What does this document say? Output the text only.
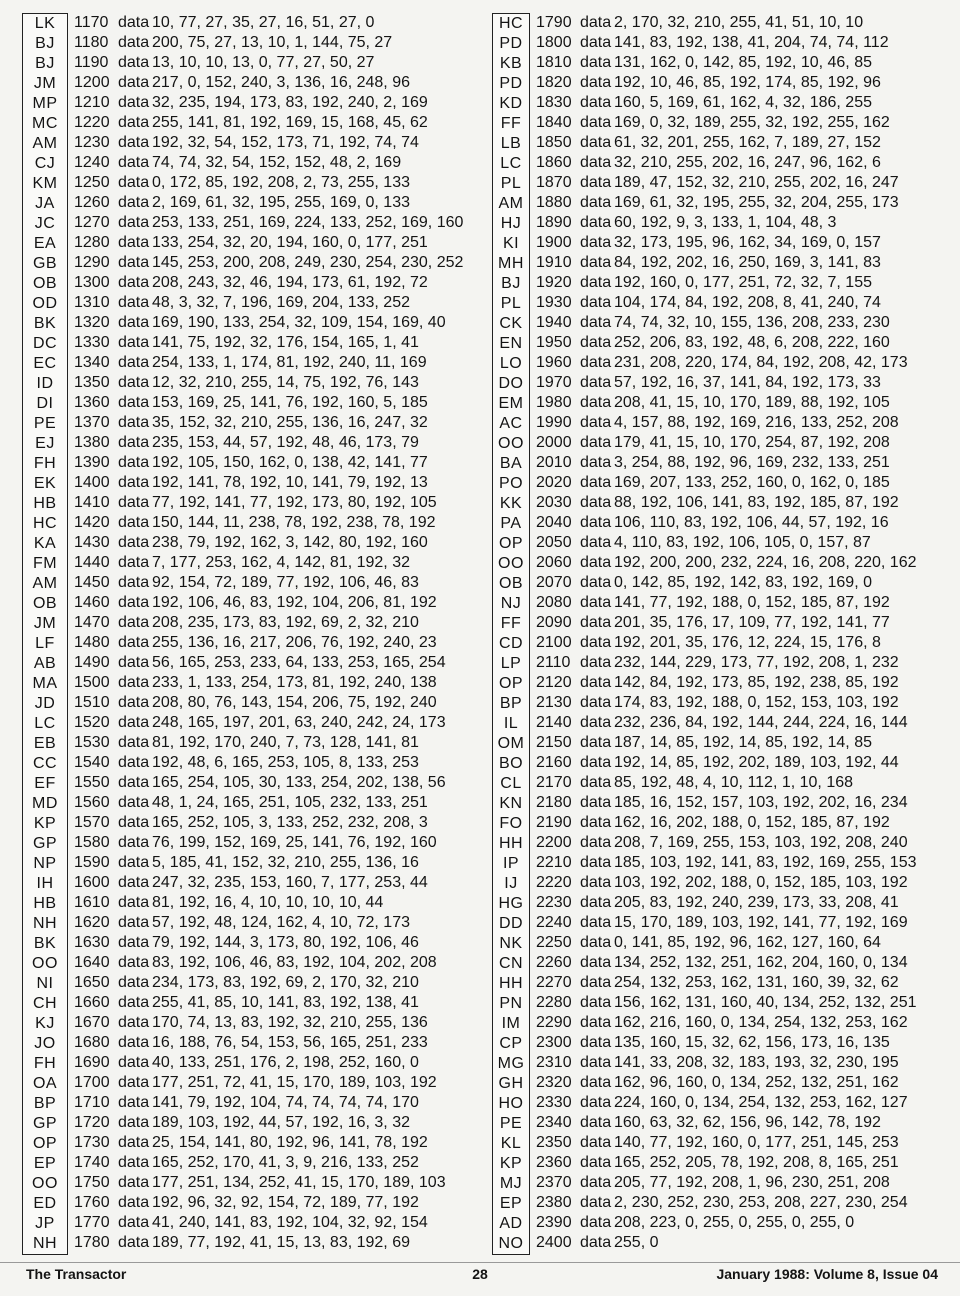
LK
BJ
BJ
JM
MP
MC
AM
CJ
KM
JA
JC
EA
GB
OB
OD
BK
DC
EC
ID
DI
PE
EJ
FH
EK
HB
HC
KA
FM
AM
OB
JM
LF
AB
MA
JD
LC
EB
CC
EF
MD
KP
GP
NP
IH
HB
NH
BK
OO
NI
CH
KJ
JO
FH
OA
BP
GP
OP
EP
OO
ED
JP
NH
1170 data 10, 77, 27, 35, 27, 16, 51, 27, 0
1180 data 200, 75, 27, 13, 10, 1, 144, 75, 27
1190 data 13, 10, 10, 13, 0, 77, 27, 50, 27
1200 data 217, 0, 152, 240, 3, 136, 16, 248, 96
1210 data 32, 235, 194, 173, 83, 192, 240, 2, 169
1220 data 255, 141, 81, 192, 169, 15, 168, 45, 62
1230 data 192, 32, 54, 152, 173, 71, 192, 74, 74
1240 data 74, 74, 32, 54, 152, 152, 48, 2, 169
1250 data 0, 172, 85, 192, 208, 2, 73, 255, 133
1260 data 2, 169, 61, 32, 195, 255, 169, 0, 133
1270 data 253, 133, 251, 169, 224, 133, 252, 169, 160
1280 data 133, 254, 32, 20, 194, 160, 0, 177, 251
1290 data 145, 253, 200, 208, 249, 230, 254, 230, 252
1300 data 208, 243, 32, 46, 194, 173, 61, 192, 72
1310 data 48, 3, 32, 7, 196, 169, 204, 133, 252
1320 data 169, 190, 133, 254, 32, 109, 154, 169, 40
1330 data 141, 75, 192, 32, 176, 154, 165, 1, 41
1340 data 254, 133, 1, 174, 81, 192, 240, 11, 169
1350 data 12, 32, 210, 255, 14, 75, 192, 76, 143
1360 data 153, 169, 25, 141, 76, 192, 160, 5, 185
1370 data 35, 152, 32, 210, 255, 136, 16, 247, 32
1380 data 235, 153, 44, 57, 192, 48, 46, 173, 79
1390 data 192, 105, 150, 162, 0, 138, 42, 141, 77
1400 data 192, 141, 78, 192, 10, 141, 79, 192, 13
1410 data 77, 192, 141, 77, 192, 173, 80, 192, 105
1420 data 150, 144, 11, 238, 78, 192, 238, 78, 192
1430 data 238, 79, 192, 162, 3, 142, 80, 192, 160
1440 data 7, 177, 253, 162, 4, 142, 81, 192, 32
1450 data 92, 154, 72, 189, 77, 192, 106, 46, 83
1460 data 192, 106, 46, 83, 192, 104, 206, 81, 192
1470 data 208, 235, 173, 83, 192, 69, 2, 32, 210
1480 data 255, 136, 16, 217, 206, 76, 192, 240, 23
1490 data 56, 165, 253, 233, 64, 133, 253, 165, 254
1500 data 233, 1, 133, 254, 173, 81, 192, 240, 138
1510 data 208, 80, 76, 143, 154, 206, 75, 192, 240
1520 data 248, 165, 197, 201, 63, 240, 242, 24, 173
1530 data 81, 192, 170, 240, 7, 73, 128, 141, 81
1540 data 192, 48, 6, 165, 253, 105, 8, 133, 253
1550 data 165, 254, 105, 30, 133, 254, 202, 138, 56
1560 data 48, 1, 24, 165, 251, 105, 232, 133, 251
1570 data 165, 252, 105, 3, 133, 252, 232, 208, 3
1580 data 76, 199, 152, 169, 25, 141, 76, 192, 160
1590 data 5, 185, 41, 152, 32, 210, 255, 136, 16
1600 data 247, 32, 235, 153, 160, 7, 177, 253, 44
1610 data 81, 192, 16, 4, 10, 10, 10, 10, 44
1620 data 57, 192, 48, 124, 162, 4, 10, 72, 173
1630 data 79, 192, 144, 3, 173, 80, 192, 106, 46
1640 data 83, 192, 106, 46, 83, 192, 104, 202, 208
1650 data 234, 173, 83, 192, 69, 2, 170, 32, 210
1660 data 255, 41, 85, 10, 141, 83, 192, 138, 41
1670 data 170, 74, 13, 83, 192, 32, 210, 255, 136
1680 data 16, 188, 76, 54, 153, 56, 165, 251, 233
1690 data 40, 133, 251, 176, 2, 198, 252, 160, 0
1700 data 177, 251, 72, 41, 15, 170, 189, 103, 192
1710 data 141, 79, 192, 104, 74, 74, 74, 74, 170
1720 data 189, 103, 192, 44, 57, 192, 16, 3, 32
1730 data 25, 154, 141, 80, 192, 96, 141, 78, 192
1740 data 165, 252, 170, 41, 3, 9, 216, 133, 252
1750 data 177, 251, 134, 252, 41, 15, 170, 189, 103
1760 data 192, 96, 32, 92, 154, 72, 189, 77, 192
1770 data 41, 240, 141, 83, 192, 104, 32, 92, 154
1780 data 189, 77, 192, 41, 15, 13, 83, 192, 69
HC
PD
KB
PD
KD
FF
LB
LC
PL
AM
HJ
KI
MH
BJ
PL
CK
EN
LO
DO
EM
AC
OO
BA
PO
KK
PA
OP
OO
OB
NJ
FF
CD
LP
OP
BP
IL
OM
BO
CL
KN
FO
HH
IP
IJ
HG
DD
NK
CN
HH
PN
IM
CP
MG
GH
HO
PE
KL
KP
MJ
EP
AD
NO
1790 data 2, 170, 32, 210, 255, 41, 51, 10, 10
1800 data 141, 83, 192, 138, 41, 204, 74, 74, 112
1810 data 131, 162, 0, 142, 85, 192, 10, 46, 85
1820 data 192, 10, 46, 85, 192, 174, 85, 192, 96
1830 data 160, 5, 169, 61, 162, 4, 32, 186, 255
1840 data 169, 0, 32, 189, 255, 32, 192, 255, 162
1850 data 61, 32, 201, 255, 162, 7, 189, 27, 152
1860 data 32, 210, 255, 202, 16, 247, 96, 162, 6
1870 data 189, 47, 152, 32, 210, 255, 202, 16, 247
1880 data 169, 61, 32, 195, 255, 32, 204, 255, 173
1890 data 60, 192, 9, 3, 133, 1, 104, 48, 3
1900 data 32, 173, 195, 96, 162, 34, 169, 0, 157
1910 data 84, 192, 202, 16, 250, 169, 3, 141, 83
1920 data 192, 160, 0, 177, 251, 72, 32, 7, 155
1930 data 104, 174, 84, 192, 208, 8, 41, 240, 74
1940 data 74, 74, 32, 10, 155, 136, 208, 233, 230
1950 data 252, 206, 83, 192, 48, 6, 208, 222, 160
1960 data 231, 208, 220, 174, 84, 192, 208, 42, 173
1970 data 57, 192, 16, 37, 141, 84, 192, 173, 33
1980 data 208, 41, 15, 10, 170, 189, 88, 192, 105
1990 data 4, 157, 88, 192, 169, 216, 133, 252, 208
2000 data 179, 41, 15, 10, 170, 254, 87, 192, 208
2010 data 3, 254, 88, 192, 96, 169, 232, 133, 251
2020 data 169, 207, 133, 252, 160, 0, 162, 0, 185
2030 data 88, 192, 106, 141, 83, 192, 185, 87, 192
2040 data 106, 110, 83, 192, 106, 44, 57, 192, 16
2050 data 4, 110, 83, 192, 106, 105, 0, 157, 87
2060 data 192, 200, 200, 232, 224, 16, 208, 220, 162
2070 data 0, 142, 85, 192, 142, 83, 192, 169, 0
2080 data 141, 77, 192, 188, 0, 152, 185, 87, 192
2090 data 201, 35, 176, 17, 109, 77, 192, 141, 77
2100 data 192, 201, 35, 176, 12, 224, 15, 176, 8
2110 data 232, 144, 229, 173, 77, 192, 208, 1, 232
2120 data 142, 84, 192, 173, 85, 192, 238, 85, 192
2130 data 174, 83, 192, 188, 0, 152, 153, 103, 192
2140 data 232, 236, 84, 192, 144, 244, 224, 16, 144
2150 data 187, 14, 85, 192, 14, 85, 192, 14, 85
2160 data 192, 14, 85, 192, 202, 189, 103, 192, 44
2170 data 85, 192, 48, 4, 10, 112, 1, 10, 168
2180 data 185, 16, 152, 157, 103, 192, 202, 16, 234
2190 data 162, 16, 202, 188, 0, 152, 185, 87, 192
2200 data 208, 7, 169, 255, 153, 103, 192, 208, 240
2210 data 185, 103, 192, 141, 83, 192, 169, 255, 153
2220 data 103, 192, 202, 188, 0, 152, 185, 103, 192
2230 data 205, 83, 192, 240, 239, 173, 33, 208, 41
2240 data 15, 170, 189, 103, 192, 141, 77, 192, 169
2250 data 0, 141, 85, 192, 96, 162, 127, 160, 64
2260 data 134, 252, 132, 251, 162, 204, 160, 0, 134
2270 data 254, 132, 253, 162, 131, 160, 39, 32, 62
2280 data 156, 162, 131, 160, 40, 134, 252, 132, 251
2290 data 162, 216, 160, 0, 134, 254, 132, 253, 162
2300 data 135, 160, 15, 32, 62, 156, 173, 16, 135
2310 data 141, 33, 208, 32, 183, 193, 32, 230, 195
2320 data 162, 96, 160, 0, 134, 252, 132, 251, 162
2330 data 224, 160, 0, 134, 254, 132, 253, 162, 127
2340 data 160, 63, 32, 62, 156, 96, 142, 78, 192
2350 data 140, 77, 192, 160, 0, 177, 251, 145, 253
2360 data 165, 252, 205, 78, 192, 208, 8, 165, 251
2370 data 205, 77, 192, 208, 1, 96, 230, 251, 208
2380 data 2, 230, 252, 230, 253, 208, 227, 230, 254
2390 data 208, 223, 0, 255, 0, 255, 0, 255, 0
2400 data 255, 0
The Transactor	28	January 1988: Volume 8, Issue 04
